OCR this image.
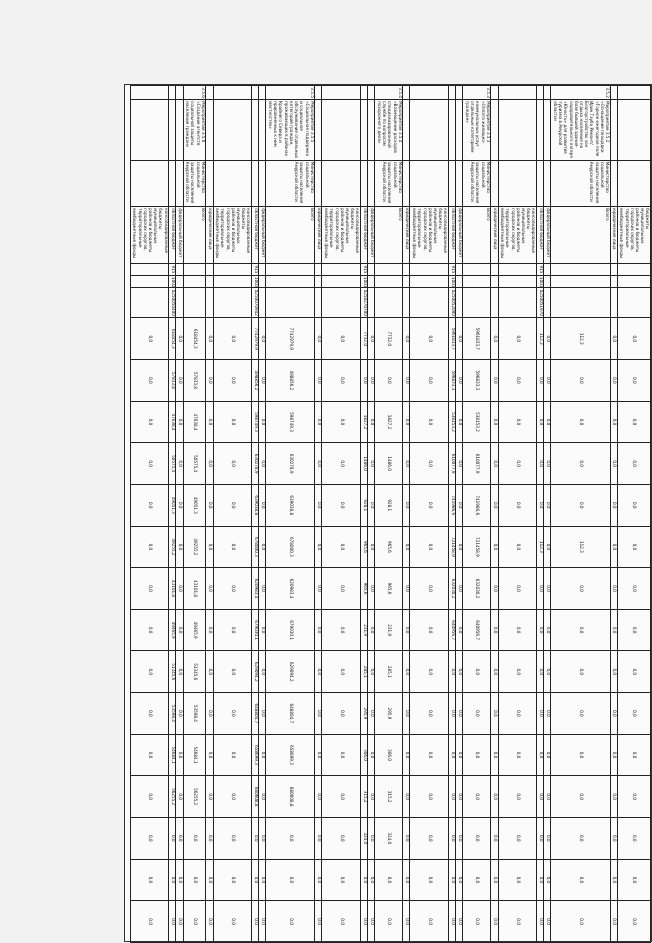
			бюджеты муниципальных районов и бюджеты городских округов, территориальные внебюджетные фонды				0,0	0,0	0,0	0,0	0,0	0,0	0,0	0,0	0,0	0,0	0,0	0,0	0,0	0,0	0,0
			юридические лица				0,0	0,0	0,0	0,0	0,0	0,0	0,0	0,0	0,0	0,0	0,0	0,0	0,0	0,0	0,0
3.5.2	Мероприятие 3.5.2 «Оснащение площадки «Горное ежегодное поле Ирин Тауба Ремонт/Благоустройство зон отдыха населения на базе бывшей здания-оздоровительного лагеря «Юность» для развития туризма в Амурской области»	Министерство социальной защиты населения Амурской области	Всего				112,3	0,0	0,0	0,0	0,0	112,3	0,0	0,0	0,0	0,0	0,0	0,0	0,0	0,0	0,0
			федеральный бюджет				0,0	0,0	0,0	0,0	0,0	0,0	0,0	0,0	0,0	0,0	0,0	0,0	0,0	0,0	0,0
			областной бюджет	915	1003	0250051970	112,3	0,0	0,0	0,0	0,0	112,3	0,0	0,0	0,0	0,0	0,0	0,0	0,0	0,0	0,0
			консолидированные бюджеты муниципальных районов и бюджеты городских округов, территориальные внебюджетные фонды				0,0	0,0	0,0	0,0	0,0	0,0	0,0	0,0	0,0	0,0	0,0	0,0	0,0	0,0	0,0
			юридические лица				0,0	0,0	0,0	0,0	0,0	0,0	0,0	0,0	0,0	0,0	0,0	0,0	0,0	0,0	0,0
3.5.3	Мероприятие 3.5.3 «Оплата жилищно-коммунальных услуг отдельным категориям граждан»	Министерство социальной защиты населения Амурской области	Всего				5961833,7	596833,3	538153,2	610077,9	741986,6	721458,9	632030,2	640956,7	0,0	0,0	0,0	0,0	0,0	0,0	0,0
			федеральный бюджет				0,0	0,0	0,0	0,0	0,0	0,0	0,0	0,0	0,0	0,0	0,0	0,0	0,0	0,0	0,0
			областной бюджет	915	1003	0250052000	5961833,7	596833,3	538153,2	610077,9	741986,6	721458,9	632030,2	640956,7	0,0	0,0	0,0	0,0	0,0	0,0	0,0
			консолидированные бюджеты муниципальных районов и бюджеты городских округов, территориальные внебюджетные фонды				0,0	0,0	0,0	0,0	0,0	0,0	0,0	0,0	0,0	0,0	0,0	0,0	0,0	0,0	0,0
			юридические лица				0,0	0,0	0,0	0,0	0,0	0,0	0,0	0,0	0,0	0,0	0,0	0,0	0,0	0,0	0,0
3.5.4	Мероприятие 3.5.4 «Возмещение расходов специализированной службе по вопросам похоронного дела»	Министерство социальной защиты населения Амурской области	Всего				7732,0	0,0	1827,2	1486,0	928,1	965,6	965,6	231,9	285,1	295,9	306,0	315,2	324,0	0,0	0,0
			федеральный бюджет				0,0	0,0	0,0	0,0	0,0	0,0	0,0	0,0	0,0	0,0	0,0	0,0	0,0	0,0	0,0
			областной бюджет	915	1003	0250270700	7732,0	0,0	1827,2	1486,0	928,1	965,6	965,6	231,9	285,1	295,9	306,0	315,2	324,0	0,0	0,0
			консолидированные бюджеты муниципальных районов и бюджеты городских округов, территориальные внебюджетные фонды				0,0	0,0	0,0	0,0	0,0	0,0	0,0	0,0	0,0	0,0	0,0	0,0	0,0	0,0	0,0
			юридические лица				0,0	0,0	0,0	0,0	0,0	0,0	0,0	0,0	0,0	0,0	0,0	0,0	0,0	0,0	0,0
3.5.5	Мероприятие 3.5.5 «Социальная поддержка и социальное обслуживание отдельных категорий граждан, проживающих в районах Крайнего Севера и приравненных к ним местностях»	Министерство социальной защиты населения Амурской области	Всего				7742979,9	498856,2	598749,3	630278,9	639038,8	678000,3	620983,4	679030,1	629094,2	648804,7	658699,3	680608,8	0,0	0,0	0,0
			федеральный бюджет				0,0	0,0	0,0	0,0	0,0	0,0	0,0	0,0	0,0	0,0	0,0	0,0	0,0	0,0	0,0
			областной бюджет	915	1003	0250070942	7742979,9	498856,2	598749,3	630278,9	639038,8	678000,3	620983,4	679030,1	629094,2	648804,7	658699,3	680608,8	0,0	0,0	0,0
			консолидированные бюджеты муниципальных районов и бюджеты городских округов, территориальные внебюджетные фонды				0,0	0,0	0,0	0,0	0,0	0,0	0,0	0,0	0,0	0,0	0,0	0,0	0,0	0,0	0,0
			юридические лица				0,0	0,0	0,0	0,0	0,0	0,0	0,0	0,0	0,0	0,0	0,0	0,0	0,0	0,0	0,0
3.5.6	Мероприятие 3.5.6 «Создание агентств социальной защиты населения граждан»	Министерство социальной защиты населения Амурской области	Всего				618454,3	57833,8	47638,4	50575,4	49051,3	49255,2	43101,8	49465,9	51345,6	53598,4	54684,1	56255,2	0,0	0,0	0,0
			федеральный бюджет				0,0	0,0	0,0	0,0	0,0	0,0	0,0	0,0	0,0	0,0	0,0	0,0	0,0	0,0	0,0
			областной бюджет	915	1002	0250050400	618454,3	57833,8	47638,4	50575,4	49051,3	49255,2	43101,8	49465,9	51345,6	53598,4	54684,1	56255,2	0,0	0,0	0,0
			консолидированные бюджеты муниципальных районов и бюджеты городских округов, территориальные внебюджетные фонды				0,0	0,0	0,0	0,0	0,0	0,0	0,0	0,0	0,0	0,0	0,0	0,0	0,0	0,0	0,0
